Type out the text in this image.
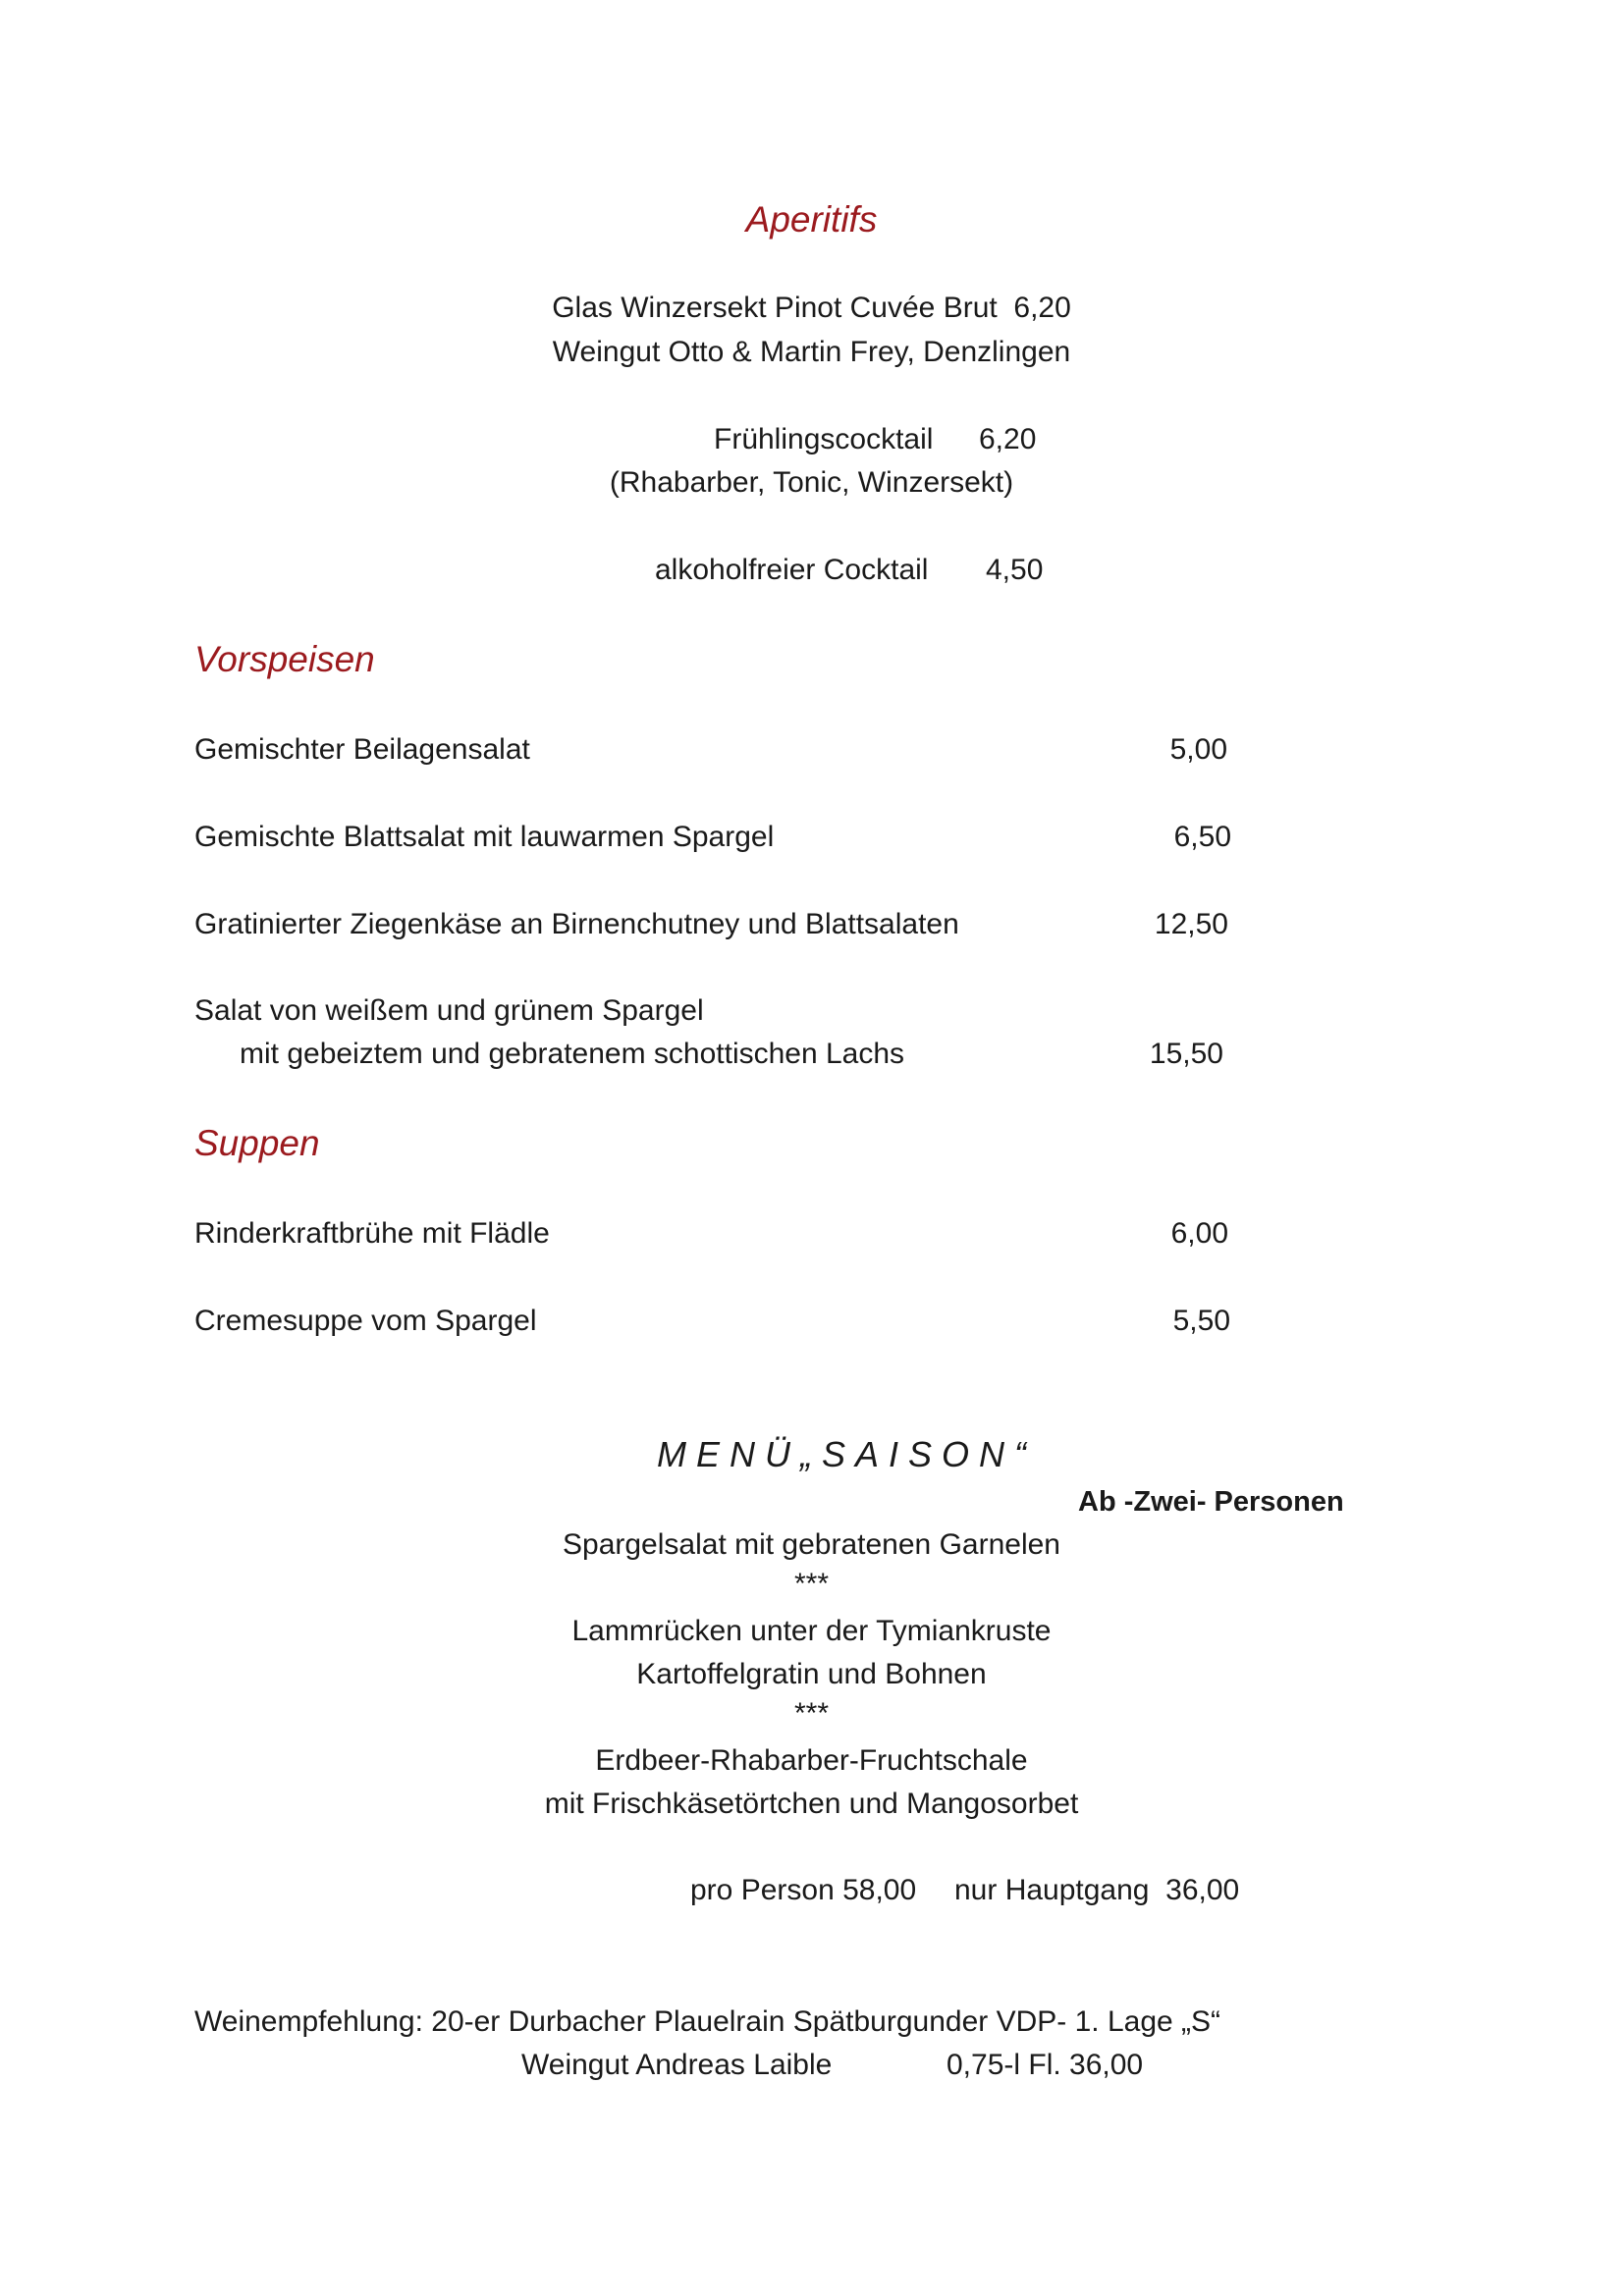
Aperitifs
Glas Winzersekt Pinot Cuvée Brut  6,20
Weingut Otto & Martin Frey, Denzlingen
Frühlingscocktail 6,20
(Rhabarber, Tonic, Winzersekt)
alkoholfreier Cocktail 4,50
Vorspeisen
Gemischter Beilagensalat	5,00
Gemischte Blattsalat mit lauwarmen Spargel	6,50
Gratinierter Ziegenkäse an Birnenchutney und Blattsalaten	12,50
Salat von weißem und grünem Spargel
mit gebeiztem und gebratenem schottischen Lachs	15,50
Suppen
Rinderkraftbrühe mit Flädle	6,00
Cremesuppe vom Spargel	5,50
MENÜ„SAISON“
Ab -Zwei- Personen
Spargelsalat mit gebratenen Garnelen
***
Lammrücken unter der Tymiankruste
Kartoffelgratin und Bohnen
***
Erdbeer-Rhabarber-Fruchtschale
mit Frischkäsetörtchen und Mangosorbet
pro Person 58,00 nur Hauptgang  36,00
Weinempfehlung: 20-er Durbacher Plauelrain Spätburgunder VDP- 1. Lage „S“
Weingut Andreas Laible	0,75-l Fl. 36,00
